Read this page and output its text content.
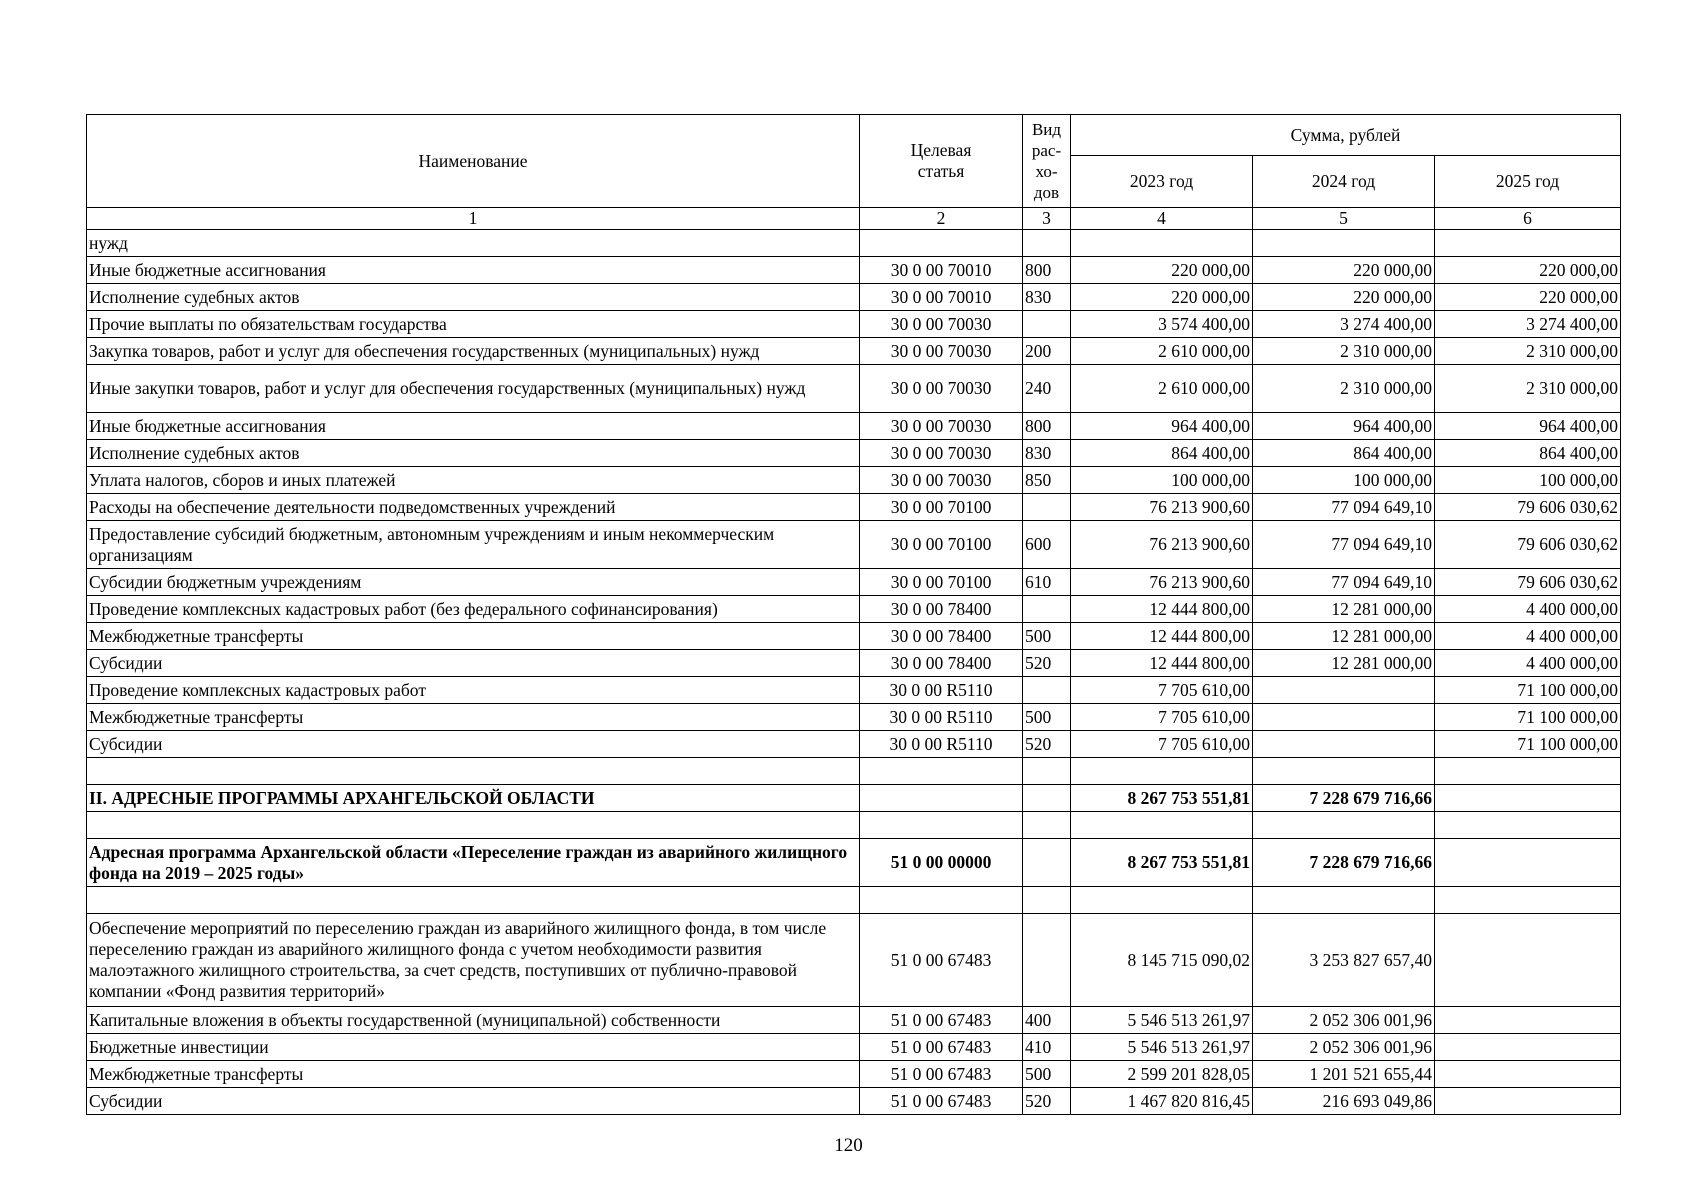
Наименование	Целевая статья	Вид рас-хо-дов	Сумма, рублей		
			2023 год	2024 год	2025 год
1	2	3	4	5	6
нужд					
Иные бюджетные ассигнования	30 0 00 70010	800	220 000,00	220 000,00	220 000,00
Исполнение судебных актов	30 0 00 70010	830	220 000,00	220 000,00	220 000,00
Прочие выплаты по обязательствам государства	30 0 00 70030		3 574 400,00	3 274 400,00	3 274 400,00
Закупка товаров, работ и услуг для обеспечения государственных (муниципальных) нужд	30 0 00 70030	200	2 610 000,00	2 310 000,00	2 310 000,00
Иные закупки товаров, работ и услуг для обеспечения государственных (муниципальных) нужд	30 0 00 70030	240	2 610 000,00	2 310 000,00	2 310 000,00
Иные бюджетные ассигнования	30 0 00 70030	800	964 400,00	964 400,00	964 400,00
Исполнение судебных актов	30 0 00 70030	830	864 400,00	864 400,00	864 400,00
Уплата налогов, сборов и иных платежей	30 0 00 70030	850	100 000,00	100 000,00	100 000,00
Расходы на обеспечение деятельности подведомственных учреждений	30 0 00 70100		76 213 900,60	77 094 649,10	79 606 030,62
Предоставление субсидий бюджетным, автономным учреждениям и иным некоммерческим организациям	30 0 00 70100	600	76 213 900,60	77 094 649,10	79 606 030,62
Субсидии бюджетным учреждениям	30 0 00 70100	610	76 213 900,60	77 094 649,10	79 606 030,62
Проведение комплексных кадастровых работ (без федерального софинансирования)	30 0 00 78400		12 444 800,00	12 281 000,00	4 400 000,00
Межбюджетные трансферты	30 0 00 78400	500	12 444 800,00	12 281 000,00	4 400 000,00
Субсидии	30 0 00 78400	520	12 444 800,00	12 281 000,00	4 400 000,00
Проведение комплексных кадастровых работ	30 0 00 R5110		7 705 610,00		71 100 000,00
Межбюджетные трансферты	30 0 00 R5110	500	7 705 610,00		71 100 000,00
Субсидии	30 0 00 R5110	520	7 705 610,00		71 100 000,00

II. АДРЕСНЫЕ ПРОГРАММЫ АРХАНГЕЛЬСКОЙ ОБЛАСТИ			8 267 753 551,81	7 228 679 716,66	

Адресная программа Архангельской области «Переселение граждан из аварийного жилищного фонда на 2019 – 2025 годы»	51 0 00 00000		8 267 753 551,81	7 228 679 716,66	

Обеспечение мероприятий по переселению граждан из аварийного жилищного фонда, в том числе переселению граждан из аварийного жилищного фонда с учетом необходимости развития малоэтажного жилищного строительства, за счет средств, поступивших от публично-правовой компании «Фонд развития территорий»	51 0 00 67483		8 145 715 090,02	3 253 827 657,40	
Капитальные вложения в объекты государственной (муниципальной) собственности	51 0 00 67483	400	5 546 513 261,97	2 052 306 001,96	
Бюджетные инвестиции	51 0 00 67483	410	5 546 513 261,97	2 052 306 001,96	
Межбюджетные трансферты	51 0 00 67483	500	2 599 201 828,05	1 201 521 655,44	
Субсидии	51 0 00 67483	520	1 467 820 816,45	216 693 049,86	
120
